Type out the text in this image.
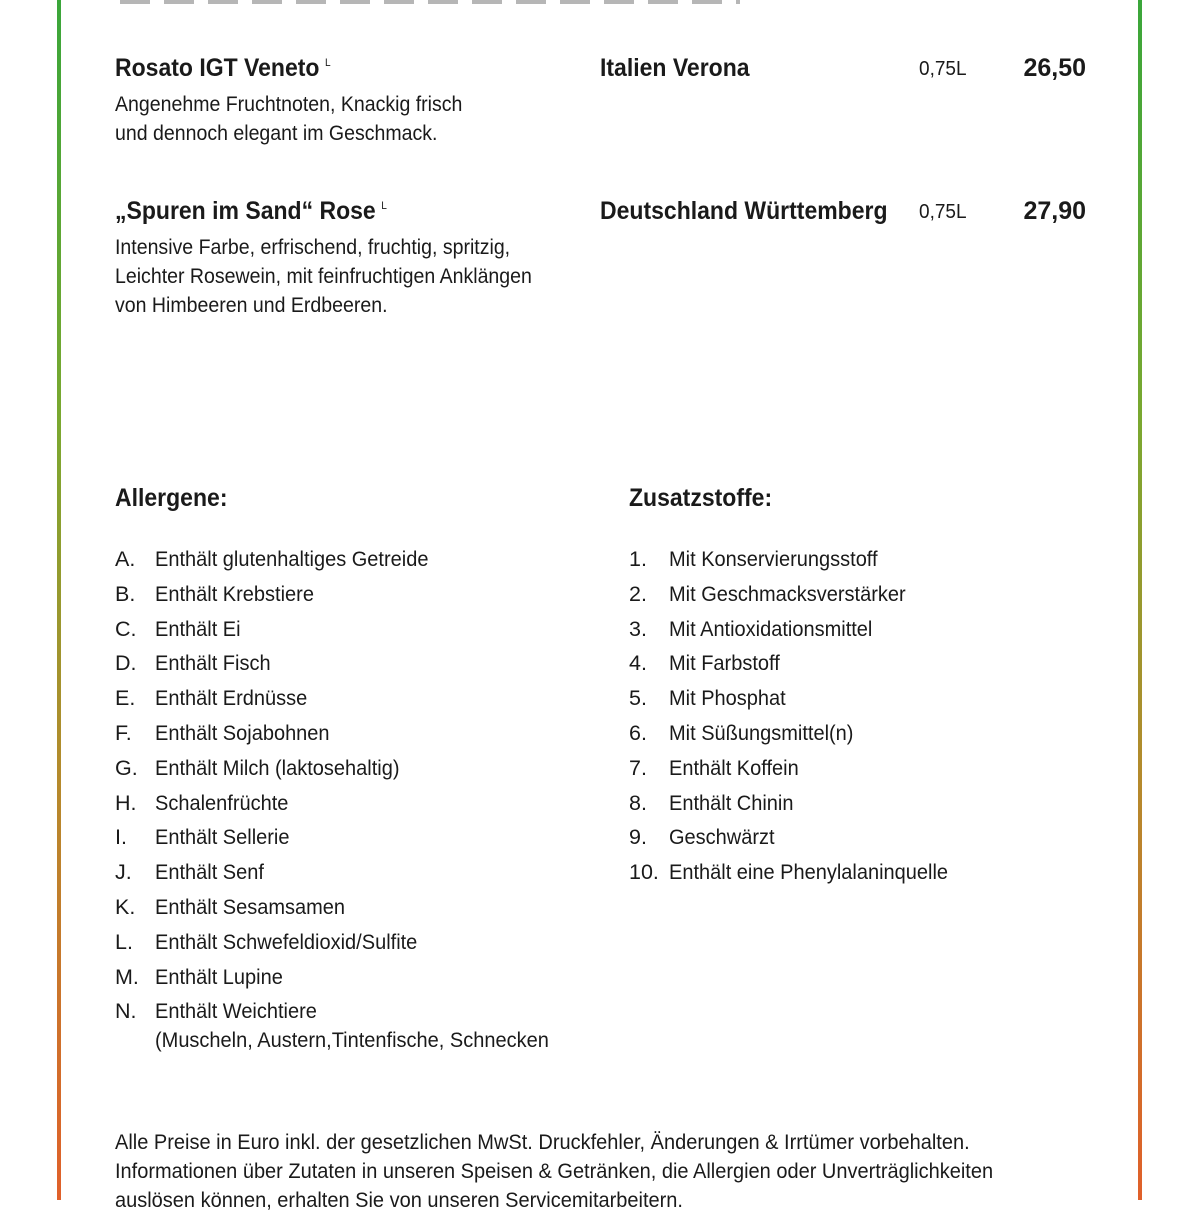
Rosato IGT Veneto $^L$	Italien Verona	0,75L 26,50
Angenehme Fruchtnoten, Knackig frisch
und dennoch elegant im Geschmack.
„Spuren im Sand“ Rose $^L$	Deutschland Württemberg 0,75L 27,90
Intensive Farbe, erfrischend, fruchtig, spritzig,
Leichter Rosewein, mit feinfruchtigen Anklängen
von Himbeeren und Erdbeeren.
Allergene:
A. Enthält glutenhaltiges Getreide
B. Enthält Krebstiere
C. Enthält Ei
D. Enthält Fisch
E. Enthält Erdnüsse
F. Enthält Sojabohnen
G. Enthält Milch (laktosehaltig)
H. Schalenfrüchte
I. Enthält Sellerie
J. Enthält Senf
K. Enthält Sesamsamen
L. Enthält Schwefeldioxid/Sulfite
M. Enthält Lupine
N. Enthält Weichtiere
(Muscheln, Austern,Tintenfische, Schnecken
Zusatzstoffe:
1. Mit Konservierungsstoff
2. Mit Geschmacksverstärker
3. Mit Antioxidationsmittel
4. Mit Farbstoff
5. Mit Phosphat
6. Mit Süßungsmittel(n)
7. Enthält Koffein
8. Enthält Chinin
9. Geschwärzt
10. Enthält eine Phenylalaninquelle
Alle Preise in Euro inkl. der gesetzlichen MwSt. Druckfehler, Änderungen & Irrtümer vorbehalten.
Informationen über Zutaten in unseren Speisen & Getränken, die Allergien oder Unverträglichkeiten
auslösen können, erhalten Sie von unseren Servicemitarbeitern.
